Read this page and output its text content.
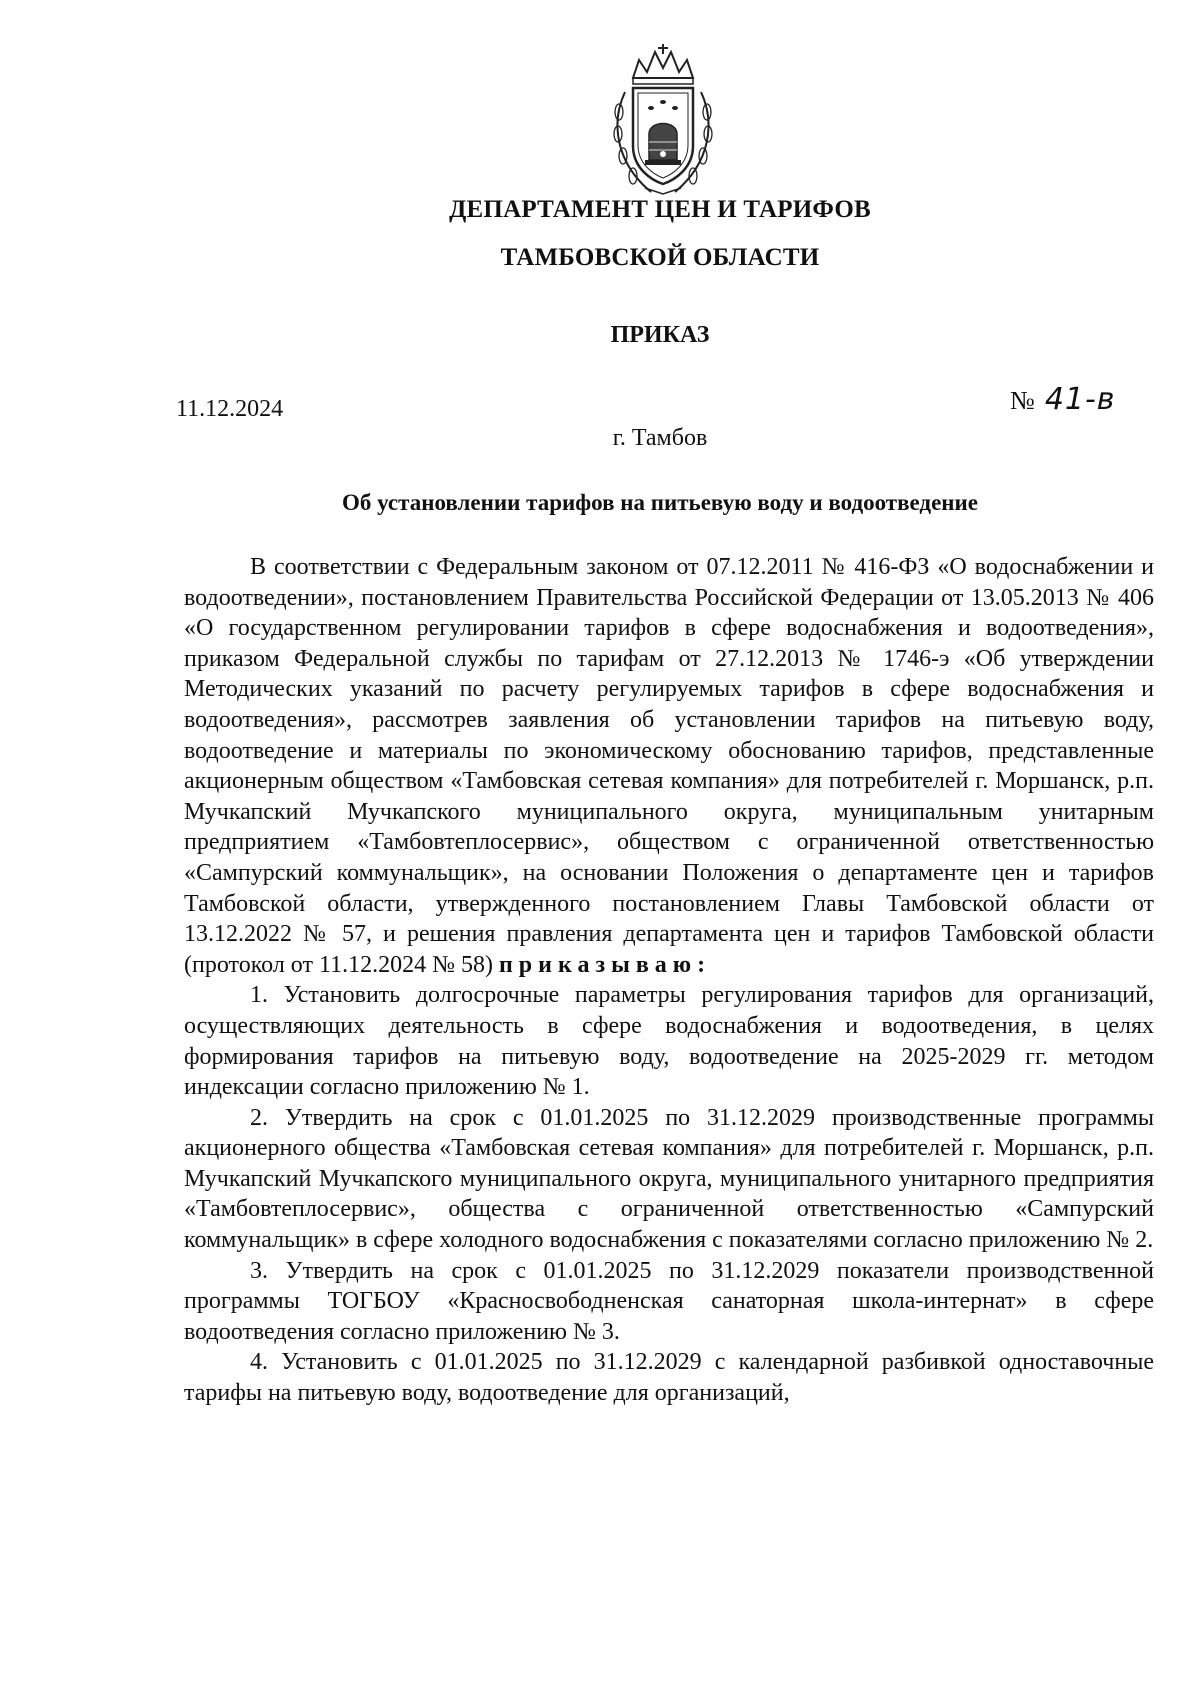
ДЕПАРТАМЕНТ ЦЕН И ТАРИФОВ
ТАМБОВСКОЙ ОБЛАСТИ
ПРИКАЗ
11.12.2024	№ 41-в
г. Тамбов
Об установлении тарифов на питьевую воду и водоотведение

В соответствии с Федеральным законом от 07.12.2011 № 416-ФЗ «О водоснабжении и водоотведении», постановлением Правительства Российской Федерации от 13.05.2013 № 406 «О государственном регулировании тарифов в сфере водоснабжения и водоотведения», приказом Федеральной службы по тарифам от 27.12.2013 № 1746-э «Об утверждении Методических указаний по расчету регулируемых тарифов в сфере водоснабжения и водоотведения», рассмотрев заявления об установлении тарифов на питьевую воду, водоотведение и материалы по экономическому обоснованию тарифов, представленные акционерным обществом «Тамбовская сетевая компания» для потребителей г. Моршанск, р.п. Мучкапский Мучкапского муниципального округа, муниципальным унитарным предприятием «Тамбовтеплосервис», обществом с ограниченной ответственностью «Сампурский коммунальщик», на основании Положения о департаменте цен и тарифов Тамбовской области, утвержденного постановлением Главы Тамбовской области от 13.12.2022 № 57, и решения правления департамента цен и тарифов Тамбовской области (протокол от 11.12.2024 № 58) приказываю:

1. Установить долгосрочные параметры регулирования тарифов для организаций, осуществляющих деятельность в сфере водоснабжения и водоотведения, в целях формирования тарифов на питьевую воду, водоотведение на 2025-2029 гг. методом индексации согласно приложению № 1.

2. Утвердить на срок с 01.01.2025 по 31.12.2029 производственные программы акционерного общества «Тамбовская сетевая компания» для потребителей г. Моршанск, р.п. Мучкапский Мучкапского муниципального округа, муниципального унитарного предприятия «Тамбовтеплосервис», общества с ограниченной ответственностью «Сампурский коммунальщик» в сфере холодного водоснабжения с показателями согласно приложению № 2.

3. Утвердить на срок с 01.01.2025 по 31.12.2029 показатели производственной программы ТОГБОУ «Красносвободненская санаторная школа-интернат» в сфере водоотведения согласно приложению № 3.

4. Установить с 01.01.2025 по 31.12.2029 с календарной разбивкой одноставочные тарифы на питьевую воду, водоотведение для организаций,
